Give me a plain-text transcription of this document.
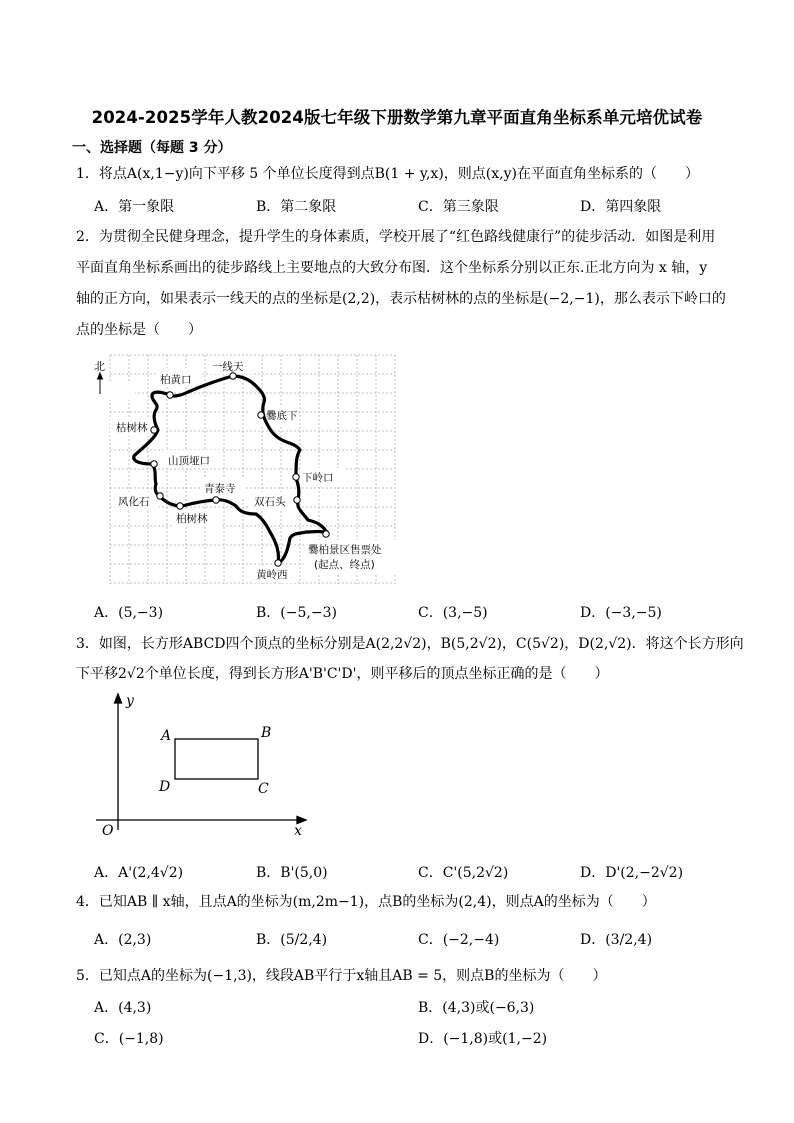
2024-2025学年人教2024版七年级下册数学第九章平面直角坐标系单元培优试卷
一、选择题（每题 3 分）
1．将点A(x,1−y)向下平移 5 个单位长度得到点B(1 + y,x)，则点(x,y)在平面直角坐标系的（　　）
A．第一象限	B．第二象限	C．第三象限	D．第四象限
2．为贯彻全民健身理念，提升学生的身体素质，学校开展了“红色路线健康行”的徒步活动．如图是利用
平面直角坐标系画出的徒步路线上主要地点的大致分布图．这个坐标系分别以正东.正北方向为 x 轴，y
轴的正方向，如果表示一线天的点的坐标是(2,2)，表示枯树林的点的坐标是(−2,−1)，那么表示下岭口的
点的坐标是（　　）
北	一线天
柏黄口
爨底下
枯树林
山顶垭口
下岭口
青泰寺
风化石	双石头
柏树林
爨柏景区售票处
(起点、终点)
黄岭西
A．(5,−3)	B．(−5,−3)	C．(3,−5)	D．(−3,−5)
3．如图，长方形ABCD四个顶点的坐标分别是A(2,2√2)，B(5,2√2)，C(5√2)，D(2,√2)．将这个长方形向
下平移2√2个单位长度，得到长方形A'B'C'D'，则平移后的顶点坐标正确的是（　　）
y
x
O
A	B
C
D
A．A'(2,4√2)	B．B'(5,0)	C．C'(5,2√2)	D．D'(2,−2√2)
4．已知AB ∥ x轴，且点A的坐标为(m,2m−1)，点B的坐标为(2,4)，则点A的坐标为（　　）
A．(2,3)	B．(5/2,4)	C．(−2,−4)	D．(3/2,4)
5．已知点A的坐标为(−1,3)，线段AB平行于x轴且AB = 5，则点B的坐标为（　　）
A．(4,3)	B．(4,3)或(−6,3)
C．(−1,8)	D．(−1,8)或(1,−2)
